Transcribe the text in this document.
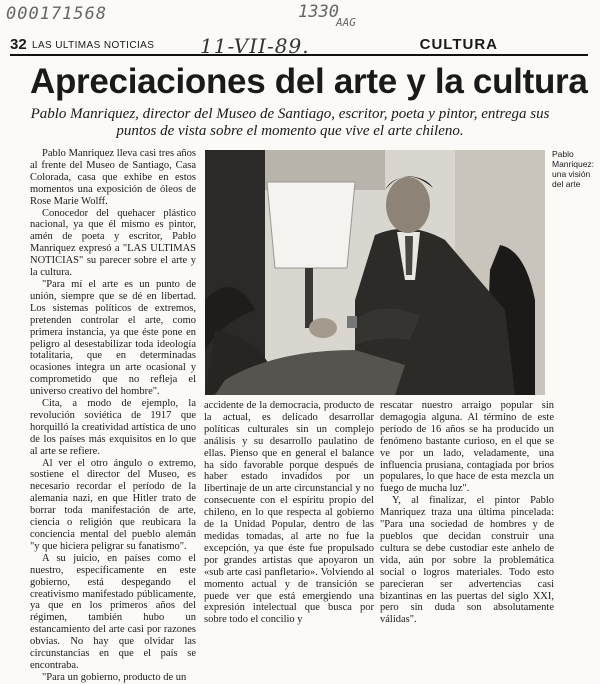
000171568	1330
AAG
11-VII-89.
32 LAS ULTIMAS NOTICIAS	CULTURA
Apreciaciones del arte y la cultura

Pablo Manriquez, director del Museo de Santiago, escritor, poeta y pintor, entrega sus puntos de vista sobre el momento que vive el arte chileno.

Pablo Manriquez: una visión del arte

Pablo Manriquez lleva casi tres años al frente del Museo de Santiago, Casa Colorada, casa que exhibe en estos momentos una exposición de óleos de Rose Marie Wolff.

Conocedor del quehacer plástico nacional, ya que él mismo es pintor, amén de poeta y escritor, Pablo Manriquez expresó a "LAS ULTIMAS NOTICIAS" su parecer sobre el arte y la cultura.

"Para mí el arte es un punto de unión, siempre que se dé en libertad. Los sistemas políticos de extremos, pretenden controlar el arte, como primera instancia, ya que éste pone en peligro al desestabilizar toda ideología totalitaria, que en determinadas ocasiones integra un arte ocasional y comprometido que no refleja el universo creativo del hombre".

Cita, a modo de ejemplo, la revolución soviética de 1917 que horquilló la creatividad artística de uno de los países más exquisitos en lo que al arte se refiere.

Al ver el otro ángulo o extremo, sostiene el director del Museo, es necesario recordar el período de la alemania nazi, en que Hitler trato de borrar toda manifestación de arte, ciencia o religión que reubicara la conciencia mental del pueblo alemán "y que hiciera peligrar su fanatismo".

A su juicio, en países como el nuestro, específicamente en este gobierno, está despegando el creativismo manifestado públicamente, ya que en los primeros años del régimen, también hubo un estancamiento del arte casi por razones obvias. No hay que olvidar las circunstancias en que el país se encontraba.

"Para un gobierno, producto de un

accidente de la democracia, producto de la actual, es delicado desarrollar políticas culturales sin un complejo análisis y su desarrollo paulatino de ellas. Pienso que en general el balance ha sido favorable porque después de haber estado invadidos por un libertinaje de un arte circunstancial y no consecuente con el espíritu propio del chileno, en lo que respecta al gobierno de la Unidad Popular, dentro de las medidas tomadas, al arte no fue la excepción, ya que éste fue propulsado por grandes artistas que apoyaron un «sub arte casi panfletario». Volviendo al momento actual y de transición se puede ver que está emergiendo una expresión intelectual que busca por sobre todo el concilio y

rescatar nuestro arraigo popular sin demagogia alguna. Al término de este período de 16 años se ha producido un fenómeno bastante curioso, en el que se ve por un lado, veladamente, una influencia prusiana, contagiada por brios populares, lo que hace de esta mezcla un fuego de mucha luz".

Y, al finalizar, el pintor Pablo Manriquez traza una última pincelada: "Para una sociedad de hombres y de pueblos que decidan construir una cultura se debe custodiar este anhelo de vida, aún por sobre la problemática social o logros materiales. Todo esto parecieran ser advertencias casi bizantinas en las puertas del siglo XXI, pero sin duda son absolutamente válidas".
